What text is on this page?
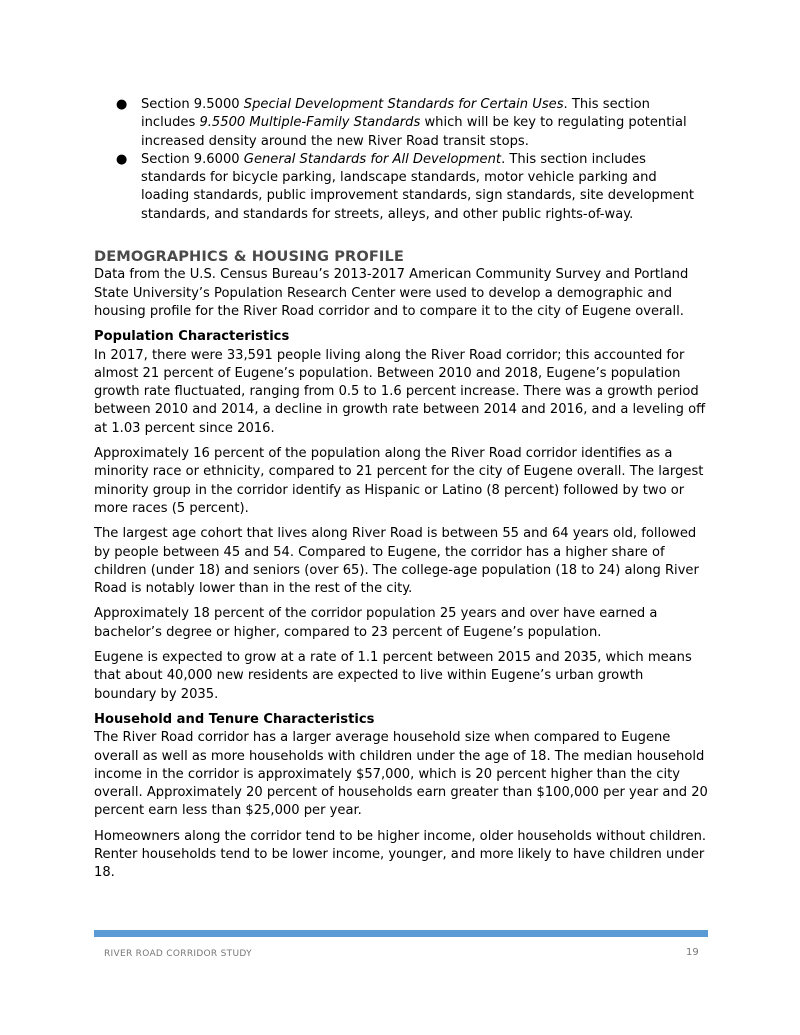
● Section 9.5000 Special Development Standards for Certain Uses. This section includes 9.5500 Multiple-Family Standards which will be key to regulating potential increased density around the new River Road transit stops.
● Section 9.6000 General Standards for All Development. This section includes standards for bicycle parking, landscape standards, motor vehicle parking and loading standards, public improvement standards, sign standards, site development standards, and standards for streets, alleys, and other public rights-of-way.
DEMOGRAPHICS & HOUSING PROFILE

Data from the U.S. Census Bureau’s 2013-2017 American Community Survey and Portland State University’s Population Research Center were used to develop a demographic and housing profile for the River Road corridor and to compare it to the city of Eugene overall.

Population Characteristics

In 2017, there were 33,591 people living along the River Road corridor; this accounted for almost 21 percent of Eugene’s population. Between 2010 and 2018, Eugene’s population growth rate fluctuated, ranging from 0.5 to 1.6 percent increase. There was a growth period between 2010 and 2014, a decline in growth rate between 2014 and 2016, and a leveling off at 1.03 percent since 2016.

Approximately 16 percent of the population along the River Road corridor identifies as a minority race or ethnicity, compared to 21 percent for the city of Eugene overall. The largest minority group in the corridor identify as Hispanic or Latino (8 percent) followed by two or more races (5 percent).

The largest age cohort that lives along River Road is between 55 and 64 years old, followed by people between 45 and 54. Compared to Eugene, the corridor has a higher share of children (under 18) and seniors (over 65). The college-age population (18 to 24) along River Road is notably lower than in the rest of the city.

Approximately 18 percent of the corridor population 25 years and over have earned a bachelor’s degree or higher, compared to 23 percent of Eugene’s population.

Eugene is expected to grow at a rate of 1.1 percent between 2015 and 2035, which means that about 40,000 new residents are expected to live within Eugene’s urban growth boundary by 2035.

Household and Tenure Characteristics

The River Road corridor has a larger average household size when compared to Eugene overall as well as more households with children under the age of 18. The median household income in the corridor is approximately $57,000, which is 20 percent higher than the city overall. Approximately 20 percent of households earn greater than $100,000 per year and 20 percent earn less than $25,000 per year.

Homeowners along the corridor tend to be higher income, older households without children. Renter households tend to be lower income, younger, and more likely to have children under 18.

RIVER ROAD CORRIDOR STUDY	19
